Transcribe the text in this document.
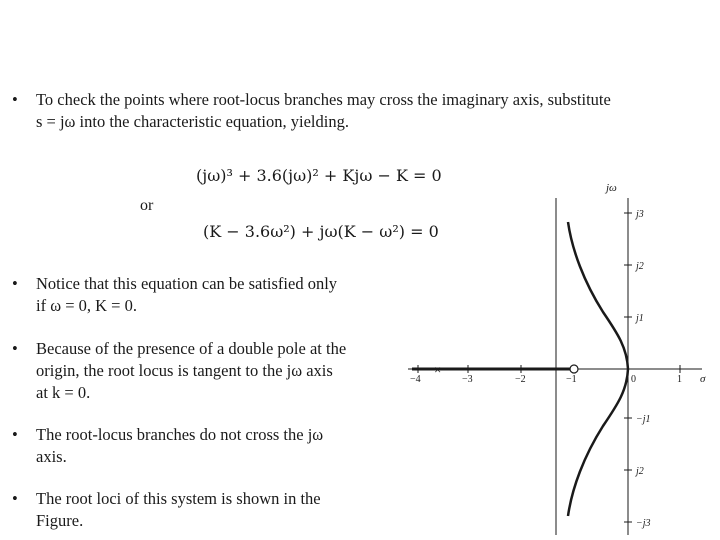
• To check the points where root-locus branches may cross the imaginary axis, substitute
s = jω into the characteristic equation, yielding.
(jω)³ + 3.6(jω)² + Kjω − K = 0
or
(K − 3.6ω²) + jω(K − ω²) = 0
• Notice that this equation can be satisfied only
if ω = 0, K = 0.
• Because of the presence of a double pole at the
origin, the root locus is tangent to the jω axis
at k = 0.
• The root-locus branches do not cross the jω
axis.
• The root loci of this system is shown in the
Figure.
×
jω
σ
−4	−3	−2	−1	0	1
j3
j2
j1
−j1
j2
−j3
